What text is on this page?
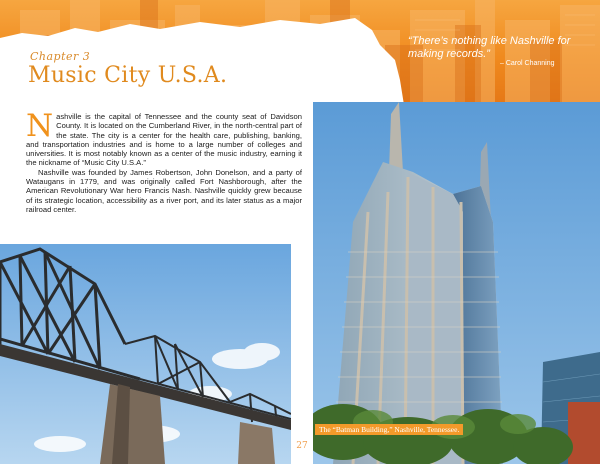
“There’s nothing like Nashville for making records.”
– Carol Channing
Chapter 3
Music City U.S.A.

Nashville is the capital of Tennessee and the county seat of Davidson County. It is located on the Cumberland River, in the north-central part of the state. The city is a center for the health care, publishing, banking, and transportation industries and is home to a large number of colleges and universities. It is most notably known as a center of the music industry, earning it the nickname of “Music City U.S.A.”

Nashville was founded by James Robertson, John Donelson, and a party of Wataugans in 1779, and was originally called Fort Nashborough, after the American Revolutionary War hero Francis Nash. Nashville quickly grew because of its strategic location, accessibility as a river port, and its later status as a major railroad center.

27
The “Batman Building,” Nashville, Tennessee.
